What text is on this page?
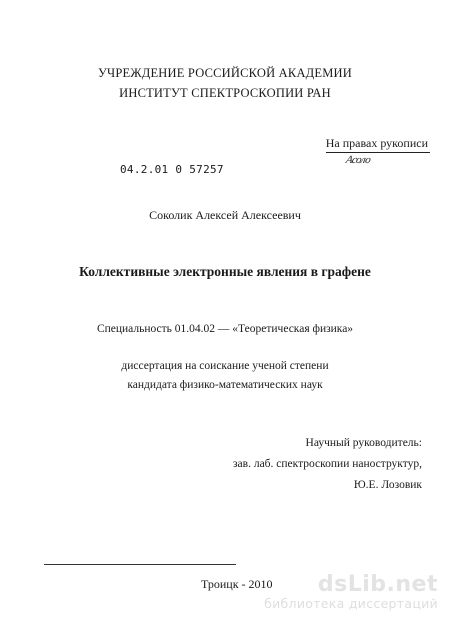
УЧРЕЖДЕНИЕ РОССИЙСКОЙ АКАДЕМИИ
ИНСТИТУТ СПЕКТРОСКОПИИ РАН
На правах рукописи
Асоло
04.2.01 0 57257
Соколик Алексей Алексеевич
Коллективные электронные явления в графене
Специальность 01.04.02 — «Теоретическая физика»
диссертация на соискание ученой степени
кандидата физико-математических наук
Научный руководитель:
зав. лаб. спектроскопии наноструктур,
Ю.Е. Лозовик
Троицк - 2010	dsLib.net
библиотека диссертаций
